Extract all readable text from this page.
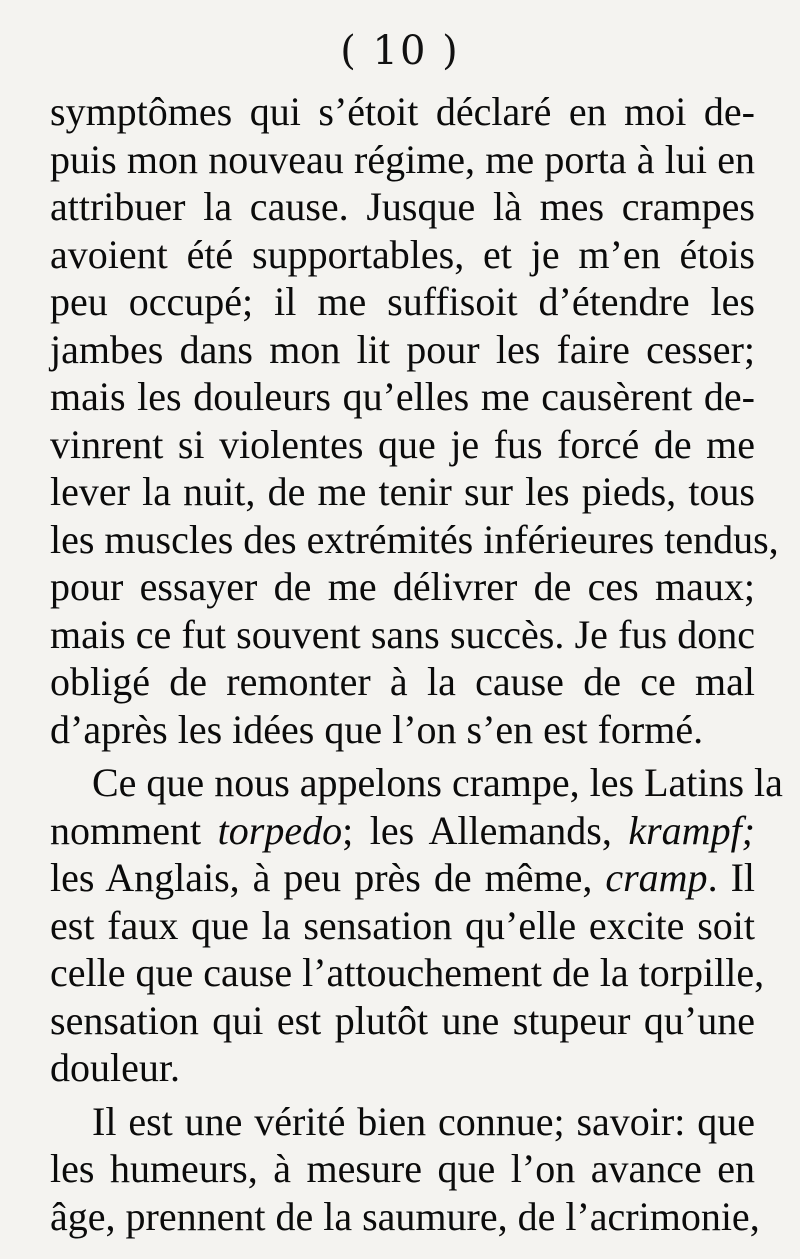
( 10 )
symptômes qui s’étoit déclaré en moi de-
puis mon nouveau régime, me porta à lui en
attribuer la cause. Jusque là mes crampes
avoient été supportables, et je m’en étois
peu occupé; il me suffisoit d’étendre les
jambes dans mon lit pour les faire cesser;
mais les douleurs qu’elles me causèrent de-
vinrent si violentes que je fus forcé de me
lever la nuit, de me tenir sur les pieds, tous
les muscles des extrémités inférieures tendus,
pour essayer de me délivrer de ces maux;
mais ce fut souvent sans succès. Je fus donc
obligé de remonter à la cause de ce mal
d’après les idées que l’on s’en est formé.
Ce que nous appelons crampe, les Latins la
nomment torpedo; les Allemands, krampf;
les Anglais, à peu près de même, cramp. Il
est faux que la sensation qu’elle excite soit
celle que cause l’attouchement de la torpille,
sensation qui est plutôt une stupeur qu’une
douleur.
Il est une vérité bien connue; savoir: que
les humeurs, à mesure que l’on avance en
âge, prennent de la saumure, de l’acrimonie,
